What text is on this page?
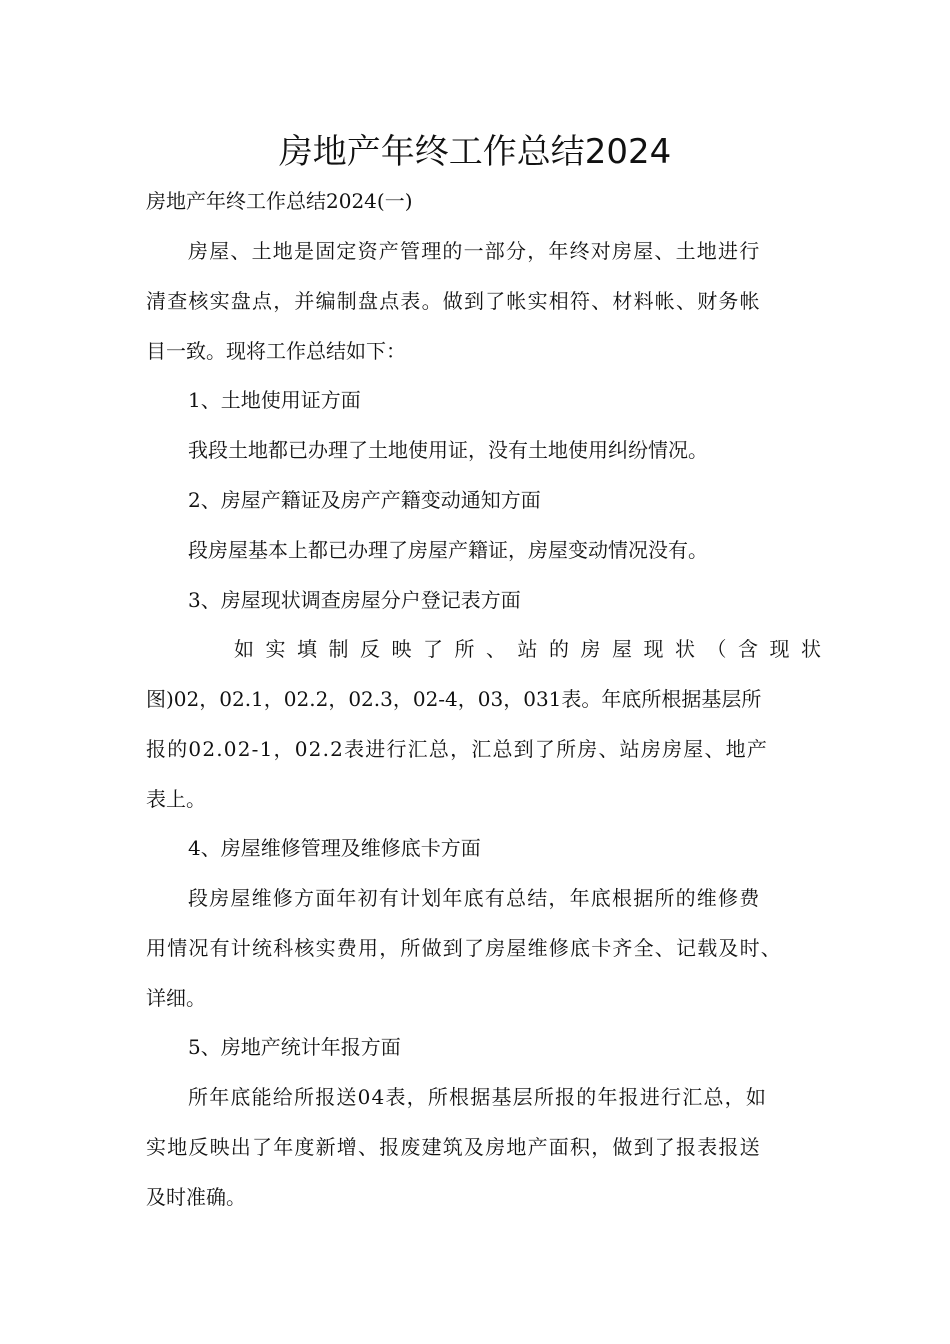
房地产年终工作总结2024
房地产年终工作总结2024(一)
房屋、土地是固定资产管理的一部分，年终对房屋、土地进行
清查核实盘点，并编制盘点表。做到了帐实相符、材料帐、财务帐
目一致。现将工作总结如下：
1、土地使用证方面
我段土地都已办理了土地使用证，没有土地使用纠纷情况。
2、房屋产籍证及房产产籍变动通知方面
段房屋基本上都已办理了房屋产籍证，房屋变动情况没有。
3、房屋现状调查房屋分户登记表方面
如实填制反映了所、站的房屋现状（含现状
图)02，02.1，02.2，02.3，02-4，03，031表。年底所根据基层所
报的02.02-1，02.2表进行汇总，汇总到了所房、站房房屋、地产
表上。
4、房屋维修管理及维修底卡方面
段房屋维修方面年初有计划年底有总结，年底根据所的维修费
用情况有计统科核实费用，所做到了房屋维修底卡齐全、记载及时、
详细。
5、房地产统计年报方面
所年底能给所报送04表，所根据基层所报的年报进行汇总，如
实地反映出了年度新增、报废建筑及房地产面积，做到了报表报送
及时准确。
